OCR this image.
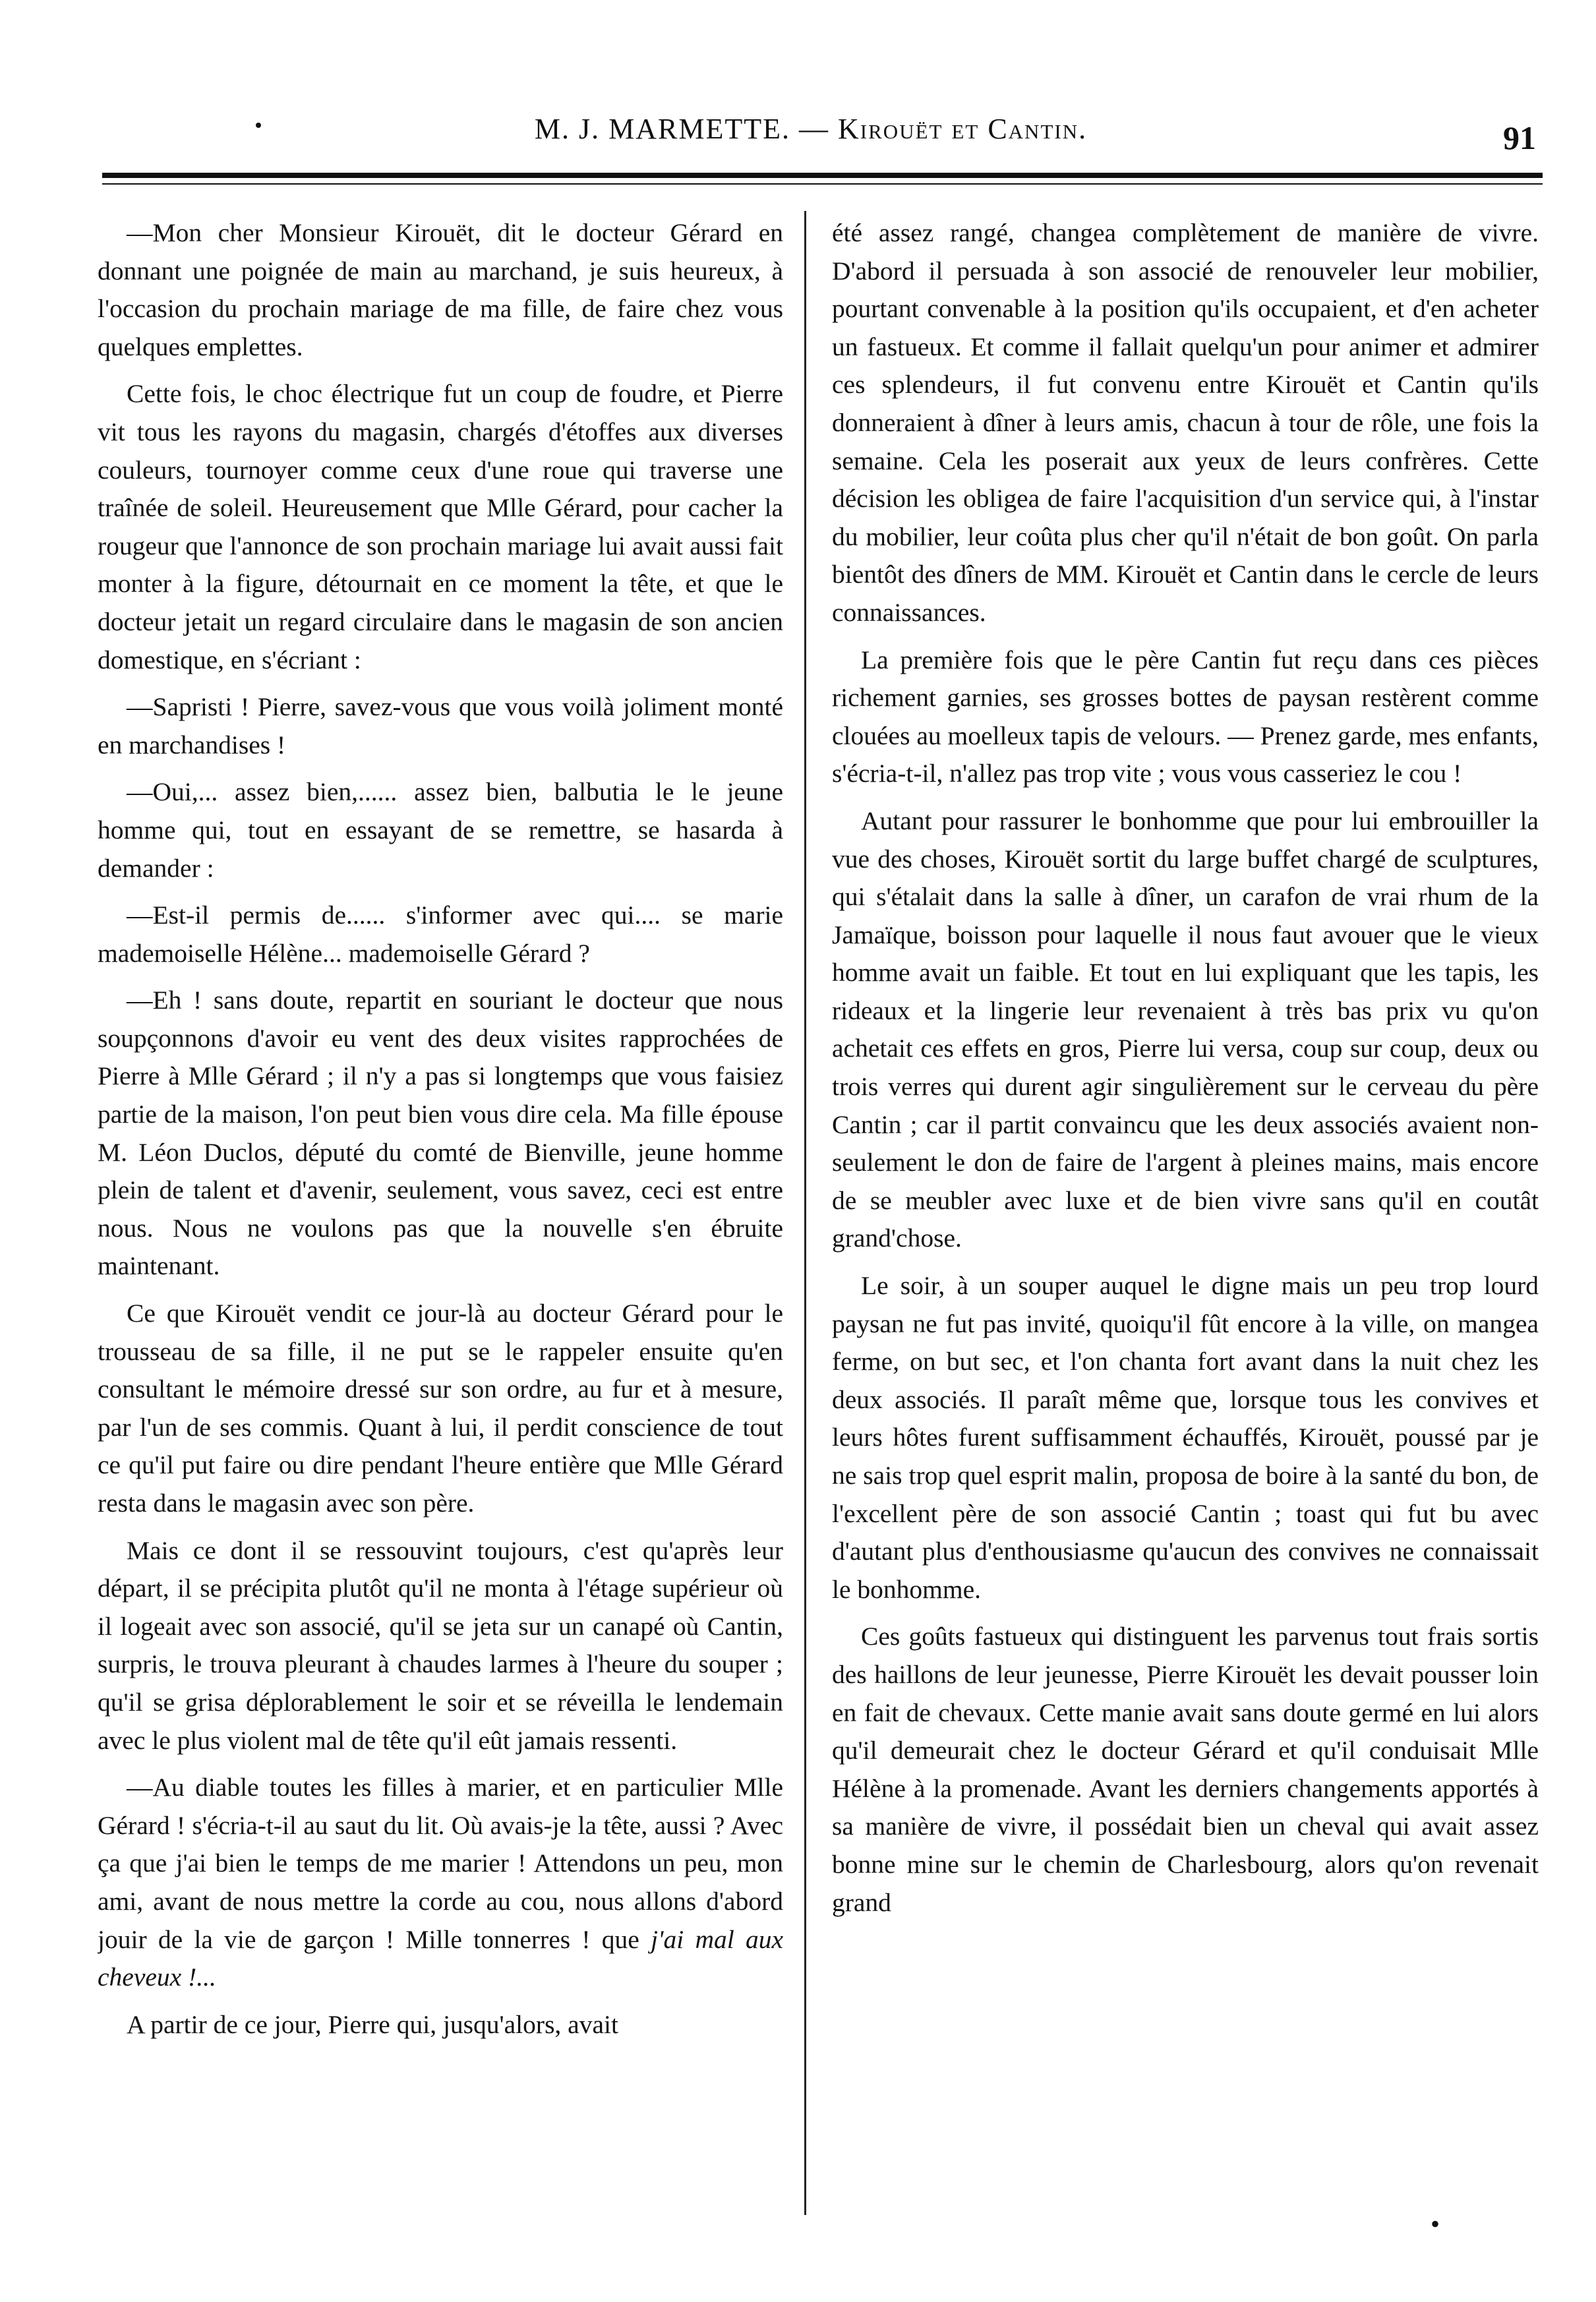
M. J. MARMETTE. — Kirouët et Cantin.	91

—Mon cher Monsieur Kirouët, dit le docteur Gérard en donnant une poignée de main au marchand, je suis heureux, à l'occasion du prochain mariage de ma fille, de faire chez vous quelques emplettes.

Cette fois, le choc électrique fut un coup de foudre, et Pierre vit tous les rayons du magasin, chargés d'étoffes aux diverses couleurs, tournoyer comme ceux d'une roue qui traverse une traînée de soleil. Heureusement que Mlle Gérard, pour cacher la rougeur que l'annonce de son prochain mariage lui avait aussi fait monter à la figure, détournait en ce moment la tête, et que le docteur jetait un regard circulaire dans le magasin de son ancien domestique, en s'écriant :

—Sapristi ! Pierre, savez-vous que vous voilà joliment monté en marchandises !

—Oui,... assez bien,...... assez bien, balbutia le le jeune homme qui, tout en essayant de se remettre, se hasarda à demander :

—Est-il permis de...... s'informer avec qui.... se marie mademoiselle Hélène... mademoiselle Gérard ?

—Eh ! sans doute, repartit en souriant le docteur que nous soupçonnons d'avoir eu vent des deux visites rapprochées de Pierre à Mlle Gérard ; il n'y a pas si longtemps que vous faisiez partie de la maison, l'on peut bien vous dire cela. Ma fille épouse M. Léon Duclos, député du comté de Bienville, jeune homme plein de talent et d'avenir, seulement, vous savez, ceci est entre nous. Nous ne voulons pas que la nouvelle s'en ébruite maintenant.

Ce que Kirouët vendit ce jour-là au docteur Gérard pour le trousseau de sa fille, il ne put se le rappeler ensuite qu'en consultant le mémoire dressé sur son ordre, au fur et à mesure, par l'un de ses commis. Quant à lui, il perdit conscience de tout ce qu'il put faire ou dire pendant l'heure entière que Mlle Gérard resta dans le magasin avec son père.

Mais ce dont il se ressouvint toujours, c'est qu'après leur départ, il se précipita plutôt qu'il ne monta à l'étage supérieur où il logeait avec son associé, qu'il se jeta sur un canapé où Cantin, surpris, le trouva pleurant à chaudes larmes à l'heure du souper ; qu'il se grisa déplorablement le soir et se réveilla le lendemain avec le plus violent mal de tête qu'il eût jamais ressenti.

—Au diable toutes les filles à marier, et en particulier Mlle Gérard ! s'écria-t-il au saut du lit. Où avais-je la tête, aussi ? Avec ça que j'ai bien le temps de me marier ! Attendons un peu, mon ami, avant de nous mettre la corde au cou, nous allons d'abord jouir de la vie de garçon ! Mille tonnerres ! que j'ai mal aux cheveux !...

A partir de ce jour, Pierre qui, jusqu'alors, avait

été assez rangé, changea complètement de manière de vivre. D'abord il persuada à son associé de renouveler leur mobilier, pourtant convenable à la position qu'ils occupaient, et d'en acheter un fastueux. Et comme il fallait quelqu'un pour animer et admirer ces splendeurs, il fut convenu entre Kirouët et Cantin qu'ils donneraient à dîner à leurs amis, chacun à tour de rôle, une fois la semaine. Cela les poserait aux yeux de leurs confrères. Cette décision les obligea de faire l'acquisition d'un service qui, à l'instar du mobilier, leur coûta plus cher qu'il n'était de bon goût. On parla bientôt des dîners de MM. Kirouët et Cantin dans le cercle de leurs connaissances.

La première fois que le père Cantin fut reçu dans ces pièces richement garnies, ses grosses bottes de paysan restèrent comme clouées au moelleux tapis de velours. — Prenez garde, mes enfants, s'écria-t-il, n'allez pas trop vite ; vous vous casseriez le cou !

Autant pour rassurer le bonhomme que pour lui embrouiller la vue des choses, Kirouët sortit du large buffet chargé de sculptures, qui s'étalait dans la salle à dîner, un carafon de vrai rhum de la Jamaïque, boisson pour laquelle il nous faut avouer que le vieux homme avait un faible. Et tout en lui expliquant que les tapis, les rideaux et la lingerie leur revenaient à très bas prix vu qu'on achetait ces effets en gros, Pierre lui versa, coup sur coup, deux ou trois verres qui durent agir singulièrement sur le cerveau du père Cantin ; car il partit convaincu que les deux associés avaient non-seulement le don de faire de l'argent à pleines mains, mais encore de se meubler avec luxe et de bien vivre sans qu'il en coutât grand'chose.

Le soir, à un souper auquel le digne mais un peu trop lourd paysan ne fut pas invité, quoiqu'il fût encore à la ville, on mangea ferme, on but sec, et l'on chanta fort avant dans la nuit chez les deux associés. Il paraît même que, lorsque tous les convives et leurs hôtes furent suffisamment échauffés, Kirouët, poussé par je ne sais trop quel esprit malin, proposa de boire à la santé du bon, de l'excellent père de son associé Cantin ; toast qui fut bu avec d'autant plus d'enthousiasme qu'aucun des convives ne connaissait le bonhomme.

Ces goûts fastueux qui distinguent les parvenus tout frais sortis des haillons de leur jeunesse, Pierre Kirouët les devait pousser loin en fait de chevaux. Cette manie avait sans doute germé en lui alors qu'il demeurait chez le docteur Gérard et qu'il conduisait Mlle Hélène à la promenade. Avant les derniers changements apportés à sa manière de vivre, il possédait bien un cheval qui avait assez bonne mine sur le chemin de Charlesbourg, alors qu'on revenait grand

•
